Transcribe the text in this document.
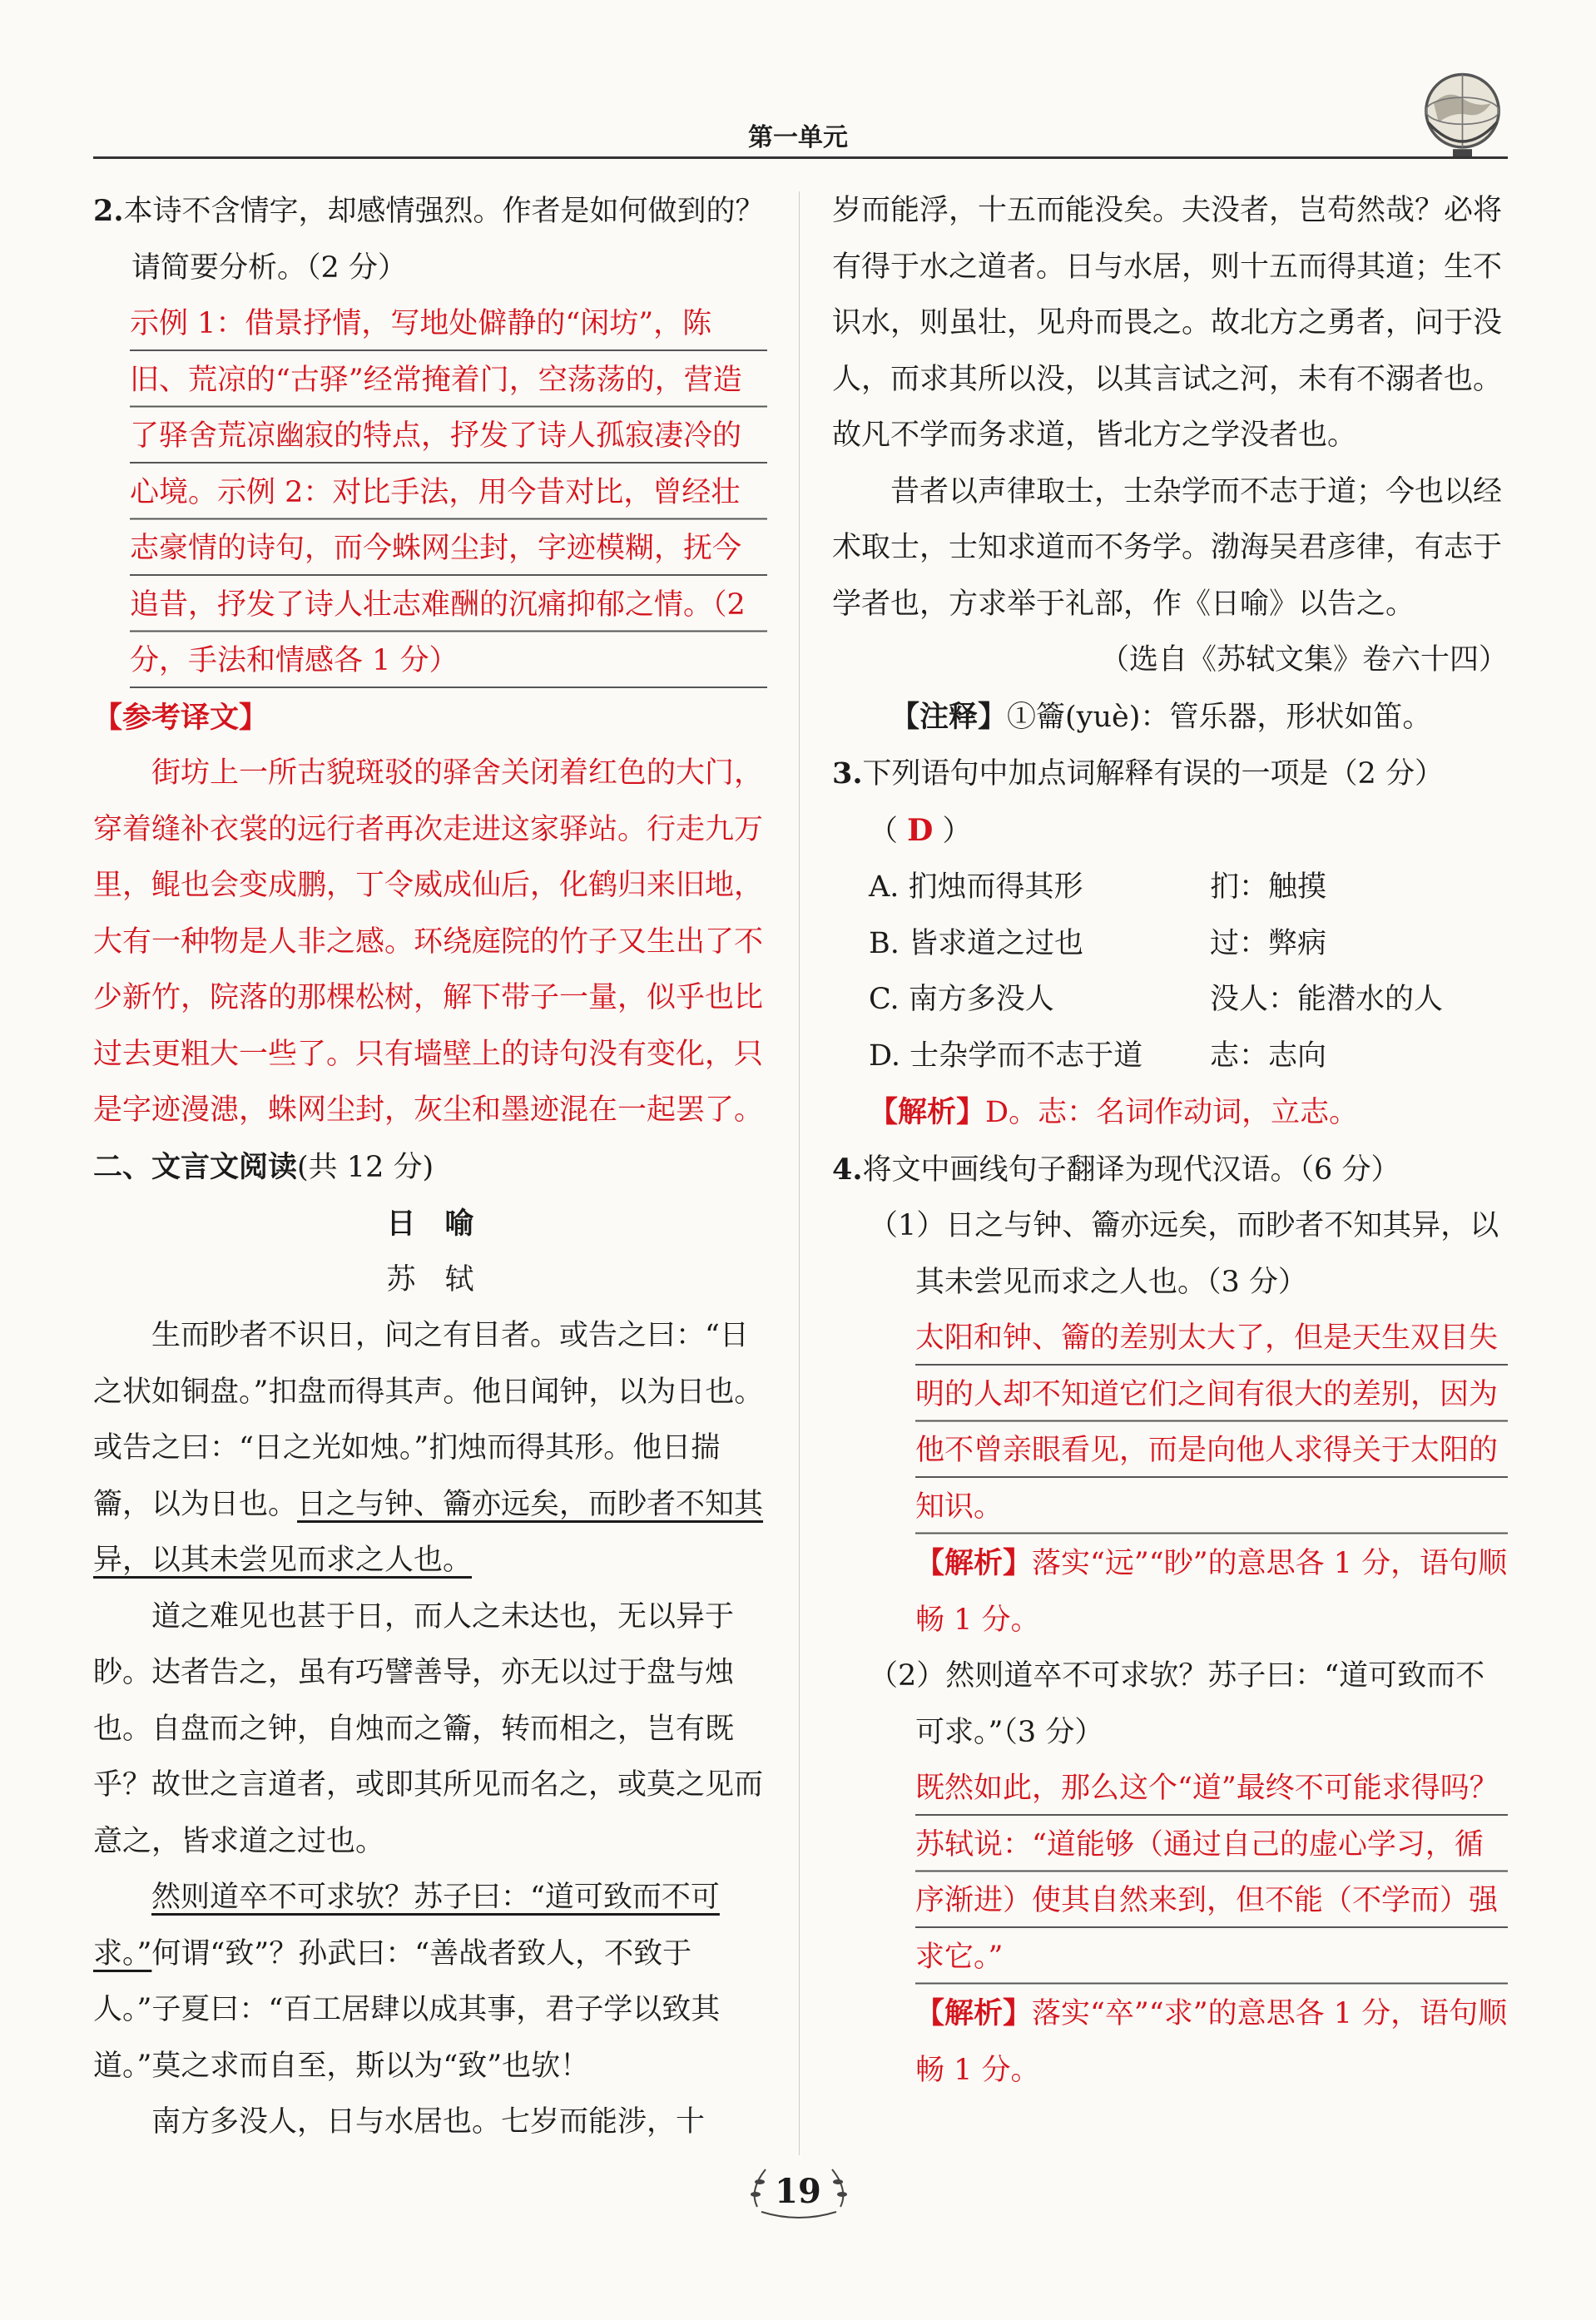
第一单元

2.本诗不含情字，却感情强烈。作者是如何做到的？请简要分析。（2 分）

示例 1：借景抒情，写地处僻静的“闲坊”，陈旧、荒凉的“古驿”经常掩着门，空荡荡的，营造了驿舍荒凉幽寂的特点，抒发了诗人孤寂凄冷的心境。示例 2：对比手法，用今昔对比，曾经壮志豪情的诗句，而今蛛网尘封，字迹模糊，抚今追昔，抒发了诗人壮志难酬的沉痛抑郁之情。（2 分，手法和情感各 1 分）

【参考译文】

街坊上一所古貌斑驳的驿舍关闭着红色的大门，穿着缝补衣裳的远行者再次走进这家驿站。行走九万里，鲲也会变成鹏，丁令威成仙后，化鹤归来旧地，大有一种物是人非之感。环绕庭院的竹子又生出了不少新竹，院落的那棵松树，解下带子一量，似乎也比过去更粗大一些了。只有墙壁上的诗句没有变化，只是字迹漫漶，蛛网尘封，灰尘和墨迹混在一起罢了。

二、文言文阅读(共 12 分)

日　喻

苏　轼

生而眇者不识日，问之有目者。或告之曰：“日之状如铜盘。”扣盘而得其声。他日闻钟，以为日也。或告之曰：“日之光如烛。”扪烛而得其形。他日揣籥，以为日也。日之与钟、籥亦远矣，而眇者不知其异，以其未尝见而求之人也。

道之难见也甚于日，而人之未达也，无以异于眇。达者告之，虽有巧譬善导，亦无以过于盘与烛也。自盘而之钟，自烛而之籥，转而相之，岂有既乎？故世之言道者，或即其所见而名之，或莫之见而意之，皆求道之过也。

然则道卒不可求欤？苏子曰：“道可致而不可求。”何谓“致”？孙武曰：“善战者致人，不致于人。”子夏曰：“百工居肆以成其事，君子学以致其道。”莫之求而自至，斯以为“致”也欤！

南方多没人，日与水居也。七岁而能涉，十

岁而能浮，十五而能没矣。夫没者，岂苟然哉？必将有得于水之道者。日与水居，则十五而得其道；生不识水，则虽壮，见舟而畏之。故北方之勇者，问于没人，而求其所以没，以其言试之河，未有不溺者也。故凡不学而务求道，皆北方之学没者也。

昔者以声律取士，士杂学而不志于道；今也以经术取士，士知求道而不务学。渤海吴君彦律，有志于学者也，方求举于礼部，作《日喻》以告之。

（选自《苏轼文集》卷六十四）

【注释】①籥(yuè)：管乐器，形状如笛。

3.下列语句中加点词解释有误的一项是（2 分）

（ D ）

A. 扪烛而得其形	扪：触摸
B. 皆求道之过也	过：弊病
C. 南方多没人	没人：能潜水的人
D. 士杂学而不志于道	志：志向

【解析】D。志：名词作动词，立志。

4.将文中画线句子翻译为现代汉语。（6 分）

（1）日之与钟、籥亦远矣，而眇者不知其异，以其未尝见而求之人也。（3 分）

太阳和钟、籥的差别太大了，但是天生双目失明的人却不知道它们之间有很大的差别，因为他不曾亲眼看见，而是向他人求得关于太阳的知识。

【解析】落实“远”“眇”的意思各 1 分，语句顺畅 1 分。

（2）然则道卒不可求欤？苏子曰：“道可致而不可求。”（3 分）

既然如此，那么这个“道”最终不可能求得吗？苏轼说：“道能够（通过自己的虚心学习，循序渐进）使其自然来到，但不能（不学而）强求它。”

【解析】落实“卒”“求”的意思各 1 分，语句顺畅 1 分。

19
